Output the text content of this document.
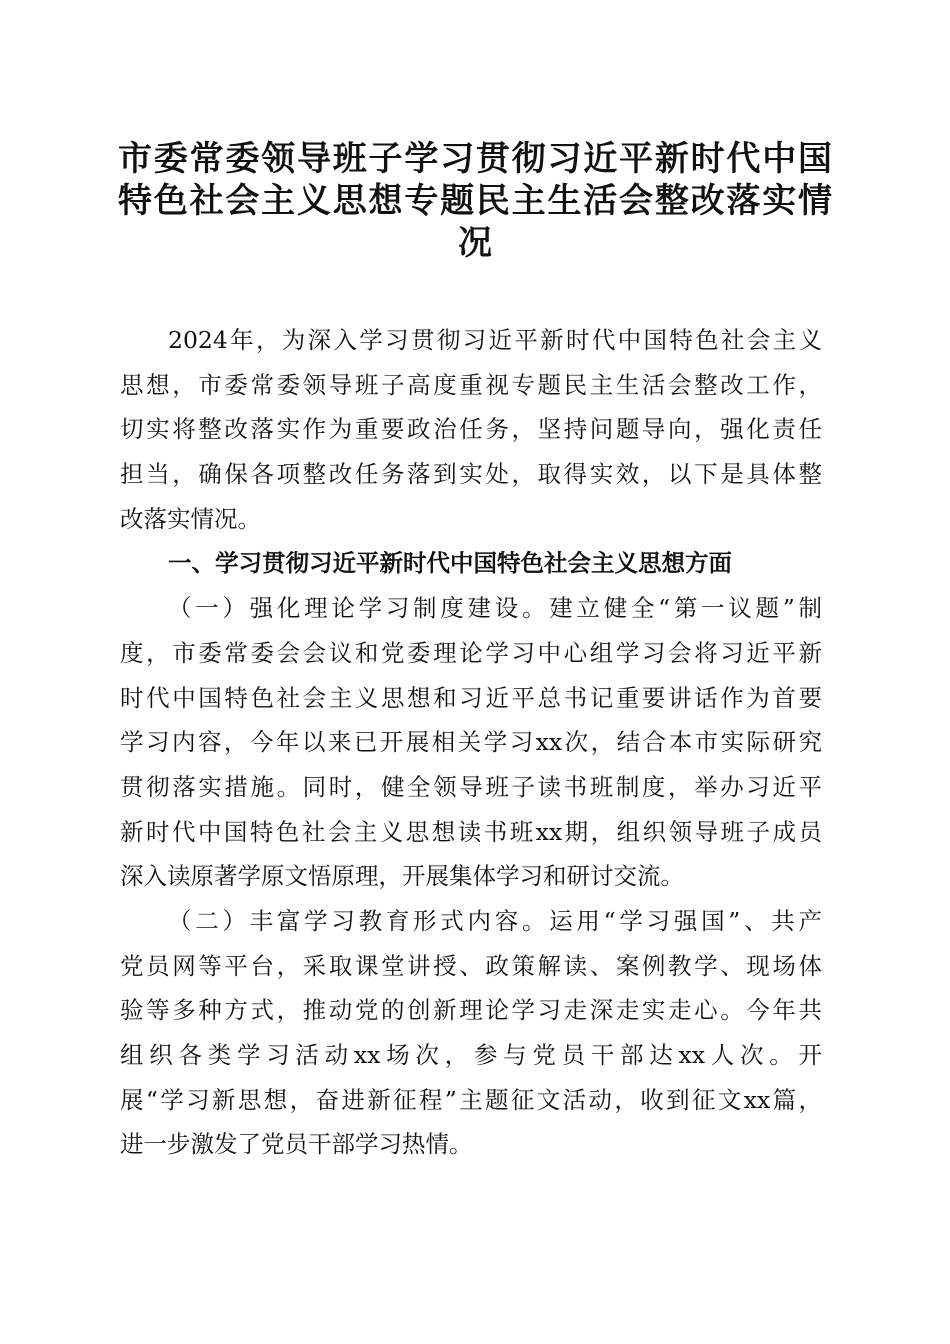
市委常委领导班子学习贯彻习近平新时代中国
特色社会主义思想专题民主生活会整改落实情
况
2024年，为深入学习贯彻习近平新时代中国特色社会主义
思想，市委常委领导班子高度重视专题民主生活会整改工作，
切实将整改落实作为重要政治任务，坚持问题导向，强化责任
担当，确保各项整改任务落到实处，取得实效，以下是具体整
改落实情况。
一、学习贯彻习近平新时代中国特色社会主义思想方面
（一）强化理论学习制度建设。建立健全“第一议题”制
度，市委常委会会议和党委理论学习中心组学习会将习近平新
时代中国特色社会主义思想和习近平总书记重要讲话作为首要
学习内容，今年以来已开展相关学习xx次，结合本市实际研究
贯彻落实措施。同时，健全领导班子读书班制度，举办习近平
新时代中国特色社会主义思想读书班xx期，组织领导班子成员
深入读原著学原文悟原理，开展集体学习和研讨交流。
（二）丰富学习教育形式内容。运用“学习强国”、共产
党员网等平台，采取课堂讲授、政策解读、案例教学、现场体
验等多种方式，推动党的创新理论学习走深走实走心。今年共
组织各类学习活动xx场次，参与党员干部达xx人次。开
展“学习新思想，奋进新征程”主题征文活动，收到征文xx篇，
进一步激发了党员干部学习热情。
